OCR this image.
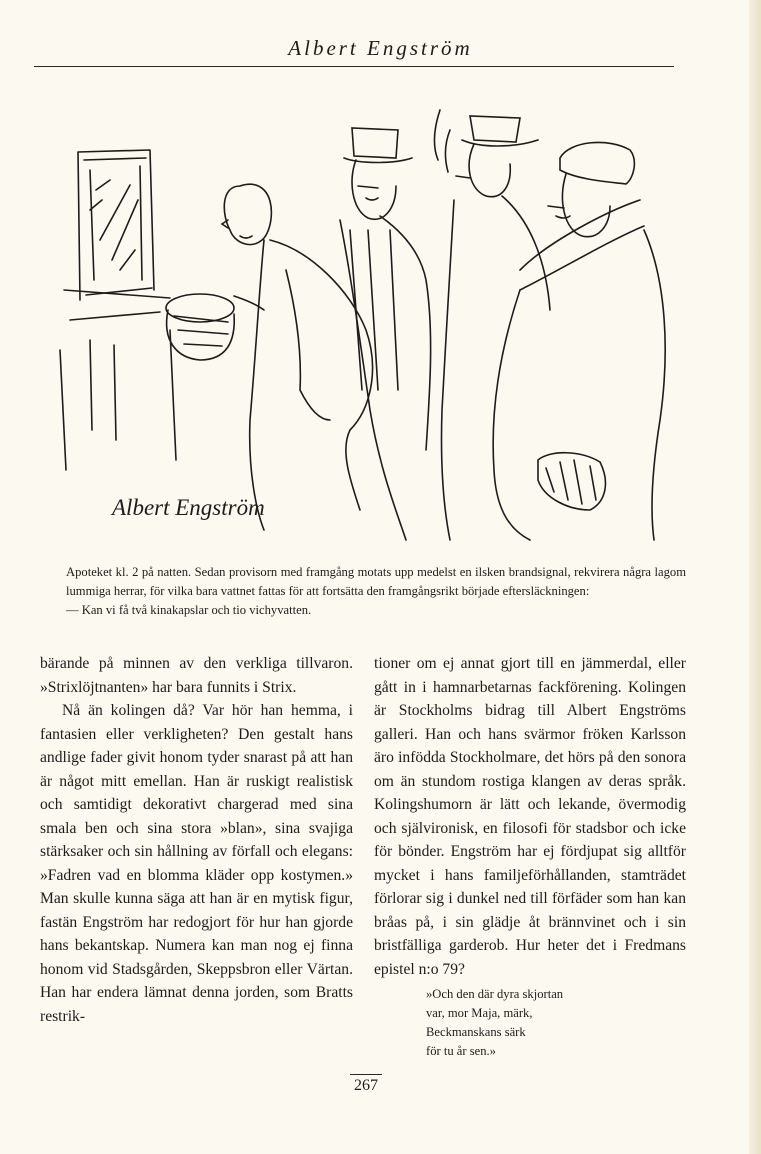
Albert Engström
Albert Engström

Apoteket kl. 2 på natten. Sedan provisorn med framgång motats upp medelst en ilsken brandsignal, rekvirera några lagom lummiga herrar, för vilka bara vattnet fattas för att fortsätta den framgångsrikt började eftersläckningen:

— Kan vi få två kinakapslar och tio vichyvatten.

bärande på minnen av den verkliga tillvaron. »Strixlöjtnanten» har bara funnits i Strix.

Nå än kolingen då? Var hör han hemma, i fantasien eller verkligheten? Den gestalt hans andlige fader givit honom tyder snarast på att han är något mitt emellan. Han är ruskigt realistisk och samtidigt dekorativt chargerad med sina smala ben och sina stora »blan», sina svajiga stärksaker och sin hållning av förfall och elegans: »Fadren vad en blomma kläder opp kostymen.» Man skulle kunna säga att han är en mytisk figur, fastän Engström har redogjort för hur han gjorde hans bekantskap. Numera kan man nog ej finna honom vid Stadsgården, Skeppsbron eller Värtan. Han har endera lämnat denna jorden, som Bratts restrik-

tioner om ej annat gjort till en jämmerdal, eller gått in i hamnarbetarnas fackförening. Kolingen är Stockholms bidrag till Albert Engströms galleri. Han och hans svärmor fröken Karlsson äro infödda Stockholmare, det hörs på den sonora om än stundom rostiga klangen av deras språk. Kolingshumorn är lätt och lekande, övermodig och självironisk, en filosofi för stadsbor och icke för bönder. Engström har ej fördjupat sig alltför mycket i hans familjeförhållanden, stamträdet förlorar sig i dunkel ned till förfäder som han kan bråas på, i sin glädje åt brännvinet och i sin bristfälliga garderob. Hur heter det i Fredmans epistel n:o 79?

»Och den där dyra skjortan
var, mor Maja, märk,
Beckmanskans särk
för tu år sen.»
267
